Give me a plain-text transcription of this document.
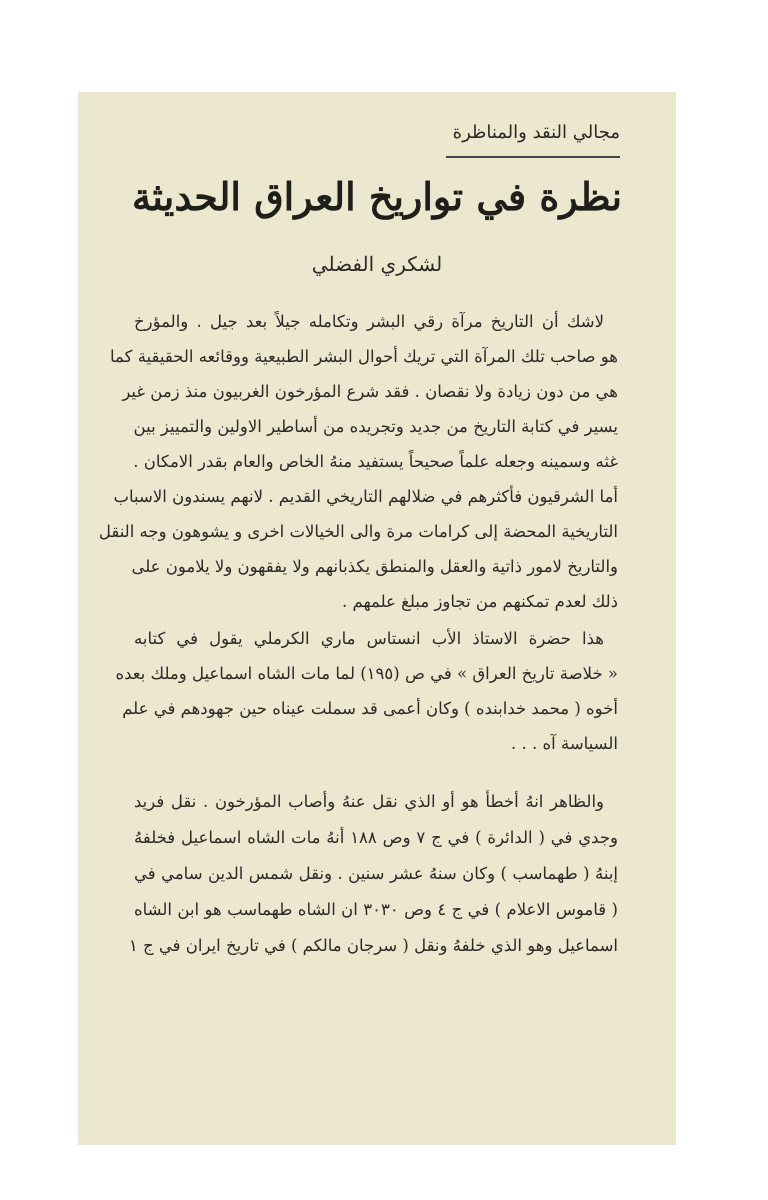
مجالي النقد والمناظرة
نظرة في تواريخ العراق الحديثة
لشكري الفضلي
لاشك أن التاريخ مرآة رقي البشر وتكامله جيلاً بعد جيل . والمؤرخ
هو صاحب تلك المرآة التي تريك أحوال البشر الطبيعية ووقائعه الحقيقية كما
هي من دون زيادة ولا نقصان . فقد شرع المؤرخون الغربيون منذ زمن غير
يسير في كتابة التاريخ من جديد وتجريده من أساطير الاولين والتمييز بين
غثه وسمينه وجعله علماً صحيحاً يستفيد منهُ الخاص والعام بقدر الامكان .
أما الشرقيون فأكثرهم في ضلالهم التاريخي القديم . لانهم يسندون الاسباب
التاريخية المحضة إلى كرامات مرة والى الخيالات اخرى و يشوهون وجه النقل
والتاريخ لامور ذاتية والعقل والمنطق يكذبانهم ولا يفقهون ولا يلامون على
ذلك لعدم تمكنهم من تجاوز مبلغ علمهم .
هذا حضرة الاستاذ الأب انستاس ماري الكرملي يقول في كتابه
« خلاصة تاريخ العراق » في ص (١٩٥) لما مات الشاه اسماعيل وملك بعده
أخوه ( محمد خدابنده ) وكان أعمى قد سملت عيناه حين جهودهم في علم
السياسة آه . . .
والظاهر انهُ أخطأ هو أو الذي نقل عنهُ وأصاب المؤرخون . نقل فريد
وجدي في ( الدائرة ) في ج ٧ وص ١٨٨ أنهُ مات الشاه اسماعيل فخلفهُ
إبنهُ ( طهماسب ) وكان سنهُ عشر سنين . ونقل شمس الدين سامي في
( قاموس الاعلام ) في ج ٤ وص ٣٠٣٠ ان الشاه طهماسب هو ابن الشاه
اسماعيل وهو الذي خلفهُ ونقل ( سرجان مالكم ) في تاريخ ايران في ج ١
